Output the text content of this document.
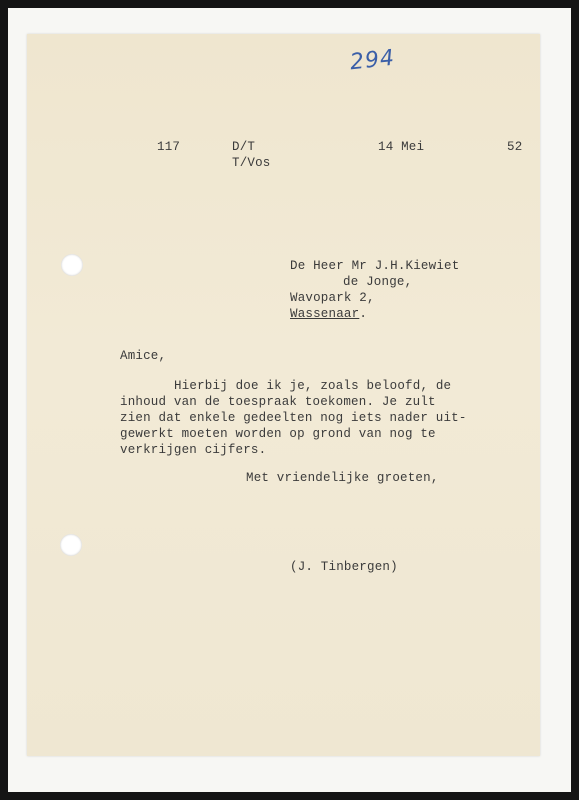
294

117	D/T

T/Vos

14 Mei	52

De Heer Mr J.H.Kiewiet

de Jonge,

Wavopark 2,

Wassenaar.

Amice,

Hierbij doe ik je, zoals beloofd, de

inhoud van de toespraak toekomen. Je zult

zien dat enkele gedeelten nog iets nader uit-

gewerkt moeten worden op grond van nog te

verkrijgen cijfers.

Met vriendelijke groeten,

(J. Tinbergen)
